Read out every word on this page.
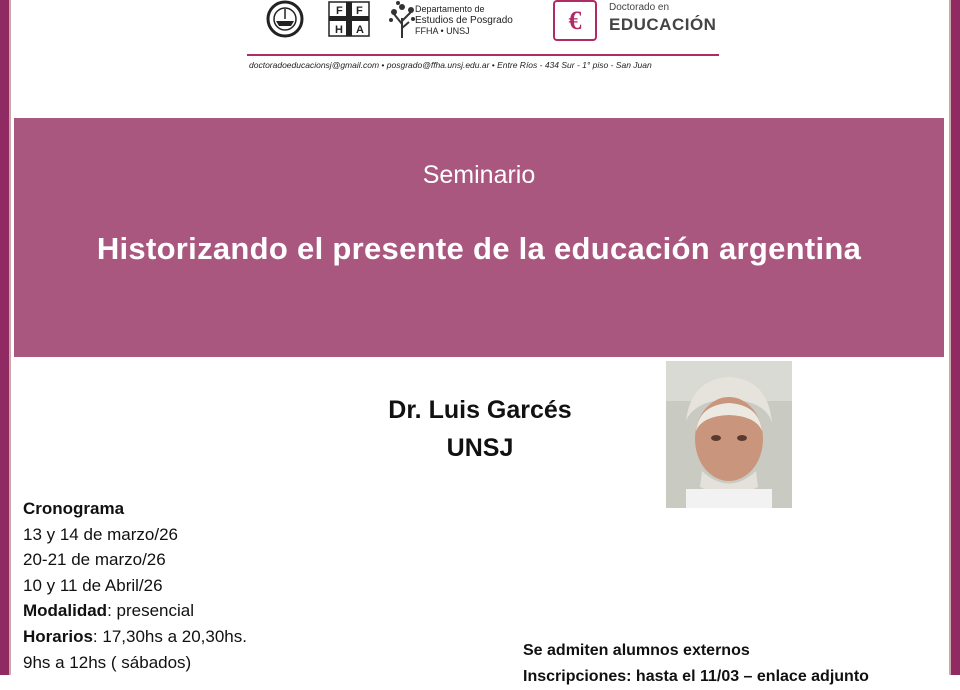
F F
H A
Departamento de
Estudios de Posgrado
FFHA • UNSJ	€	Doctorado en
EDUCACIÓN
doctoradoeducacionsj@gmail.com • posgrado@ffha.unsj.edu.ar • Entre Ríos - 434 Sur - 1° piso - San Juan
Seminario
Historizando el presente de la educación argentina
Dr. Luis Garcés
UNSJ
Cronograma
13 y 14 de marzo/26
20-21 de marzo/26
10 y 11 de Abril/26
Modalidad: presencial
Horarios: 17,30hs a 20,30hs.
9hs a 12hs ( sábados)
Se admiten alumnos externos
Inscripciones: hasta el 11/03 – enlace adjunto
